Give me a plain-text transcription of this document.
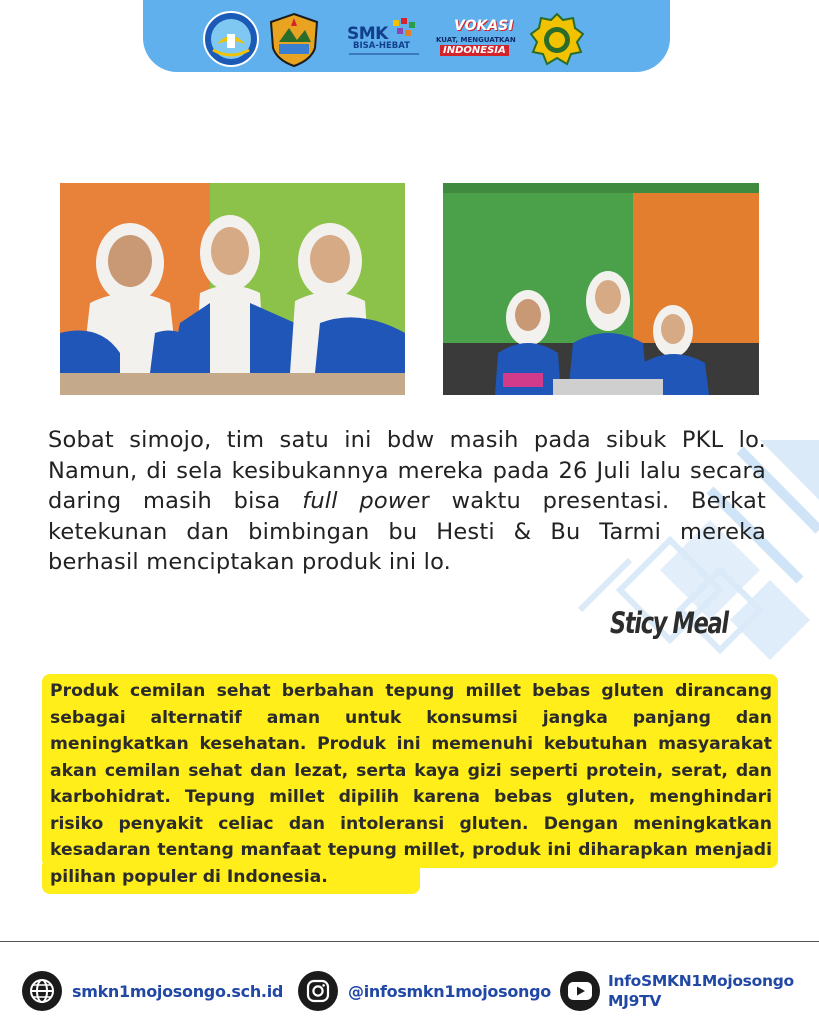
SMK
BISA-HEBAT
VOKASI
KUAT, MENGUATKAN
INDONESIA
Sobat simojo, tim satu ini bdw masih pada sibuk PKL lo. Namun, di sela kesibukannya mereka pada 26 Juli lalu secara daring masih bisa full power waktu presentasi. Berkat ketekunan dan bimbingan bu Hesti & Bu Tarmi mereka berhasil menciptakan produk ini lo.
Sticy Meal
Produk cemilan sehat berbahan tepung millet bebas gluten dirancang sebagai alternatif aman untuk konsumsi jangka panjang dan meningkatkan kesehatan. Produk ini memenuhi kebutuhan masyarakat akan cemilan sehat dan lezat, serta kaya gizi seperti protein, serat, dan karbohidrat. Tepung millet dipilih karena bebas gluten, menghindari risiko penyakit celiac dan intoleransi gluten. Dengan meningkatkan kesadaran tentang manfaat tepung millet, produk ini diharapkan menjadi pilihan populer di Indonesia.
smkn1mojosongo.sch.id	@infosmkn1mojosongo
InfoSMKN1Mojosongo
MJ9TV
